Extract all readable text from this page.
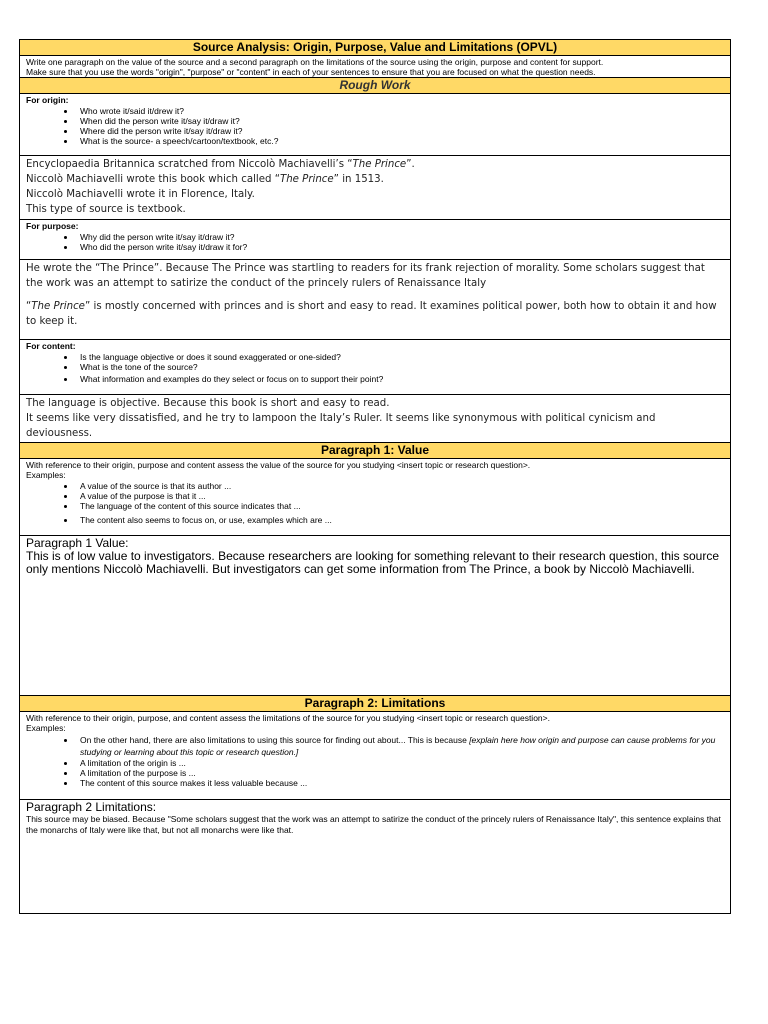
Source Analysis: Origin, Purpose, Value and Limitations (OPVL)
Write one paragraph on the value of the source and a second paragraph on the limitations of the source using the origin, purpose and content for support.
Make sure that you use the words "origin", "purpose" or "content" in each of your sentences to ensure that you are focused on what the question needs.
Rough Work
For origin:
• Who wrote it/said it/drew it?
• When did the person write it/say it/draw it?
• Where did the person write it/say it/draw it?
• What is the source- a speech/cartoon/textbook, etc.?

Encyclopaedia Britannica scratched from Niccolò Machiavelli’s “The Prince”.

Niccolò Machiavelli wrote this book which called “The Prince” in 1513.

Niccolò Machiavelli wrote it in Florence, Italy.

This type of source is textbook.

For purpose:
• Why did the person write it/say it/draw it?
• Who did the person write it/say it/draw it for?

He wrote the “The Prince”. Because The Prince was startling to readers for its frank rejection of morality. Some scholars suggest that the work was an attempt to satirize the conduct of the princely rulers of Renaissance Italy

“The Prince” is mostly concerned with princes and is short and easy to read. It examines political power, both how to obtain it and how to keep it.

For content:
• Is the language objective or does it sound exaggerated or one-sided?
• What is the tone of the source?
• What information and examples do they select or focus on to support their point?

The language is objective. Because this book is short and easy to read.

It seems like very dissatisfied, and he try to lampoon the Italy’s Ruler. It seems like synonymous with political cynicism and deviousness.

Paragraph 1: Value
With reference to their origin, purpose and content assess the value of the source for you studying <insert topic or research question>.
Examples:
• A value of the source is that its author ...
• A value of the purpose is that it ...
• The language of the content of this source indicates that ...
• The content also seems to focus on, or use, examples which are ...
Paragraph 1 Value:
This is of low value to investigators. Because researchers are looking for something relevant to their research question, this source only mentions Niccolò Machiavelli. But investigators can get some information from The Prince, a book by Niccolò Machiavelli.
Paragraph 2: Limitations
With reference to their origin, purpose, and content assess the limitations of the source for you studying <insert topic or research question>.
Examples:
• On the other hand, there are also limitations to using this source for finding out about... This is because [explain here how origin and purpose can cause problems for you studying or learning about this topic or research question.]
• A limitation of the origin is ...
• A limitation of the purpose is ...
• The content of this source makes it less valuable because ...
Paragraph 2 Limitations:
This source may be biased. Because "Some scholars suggest that the work was an attempt to satirize the conduct of the princely rulers of Renaissance Italy", this sentence explains that the monarchs of Italy were like that, but not all monarchs were like that.
